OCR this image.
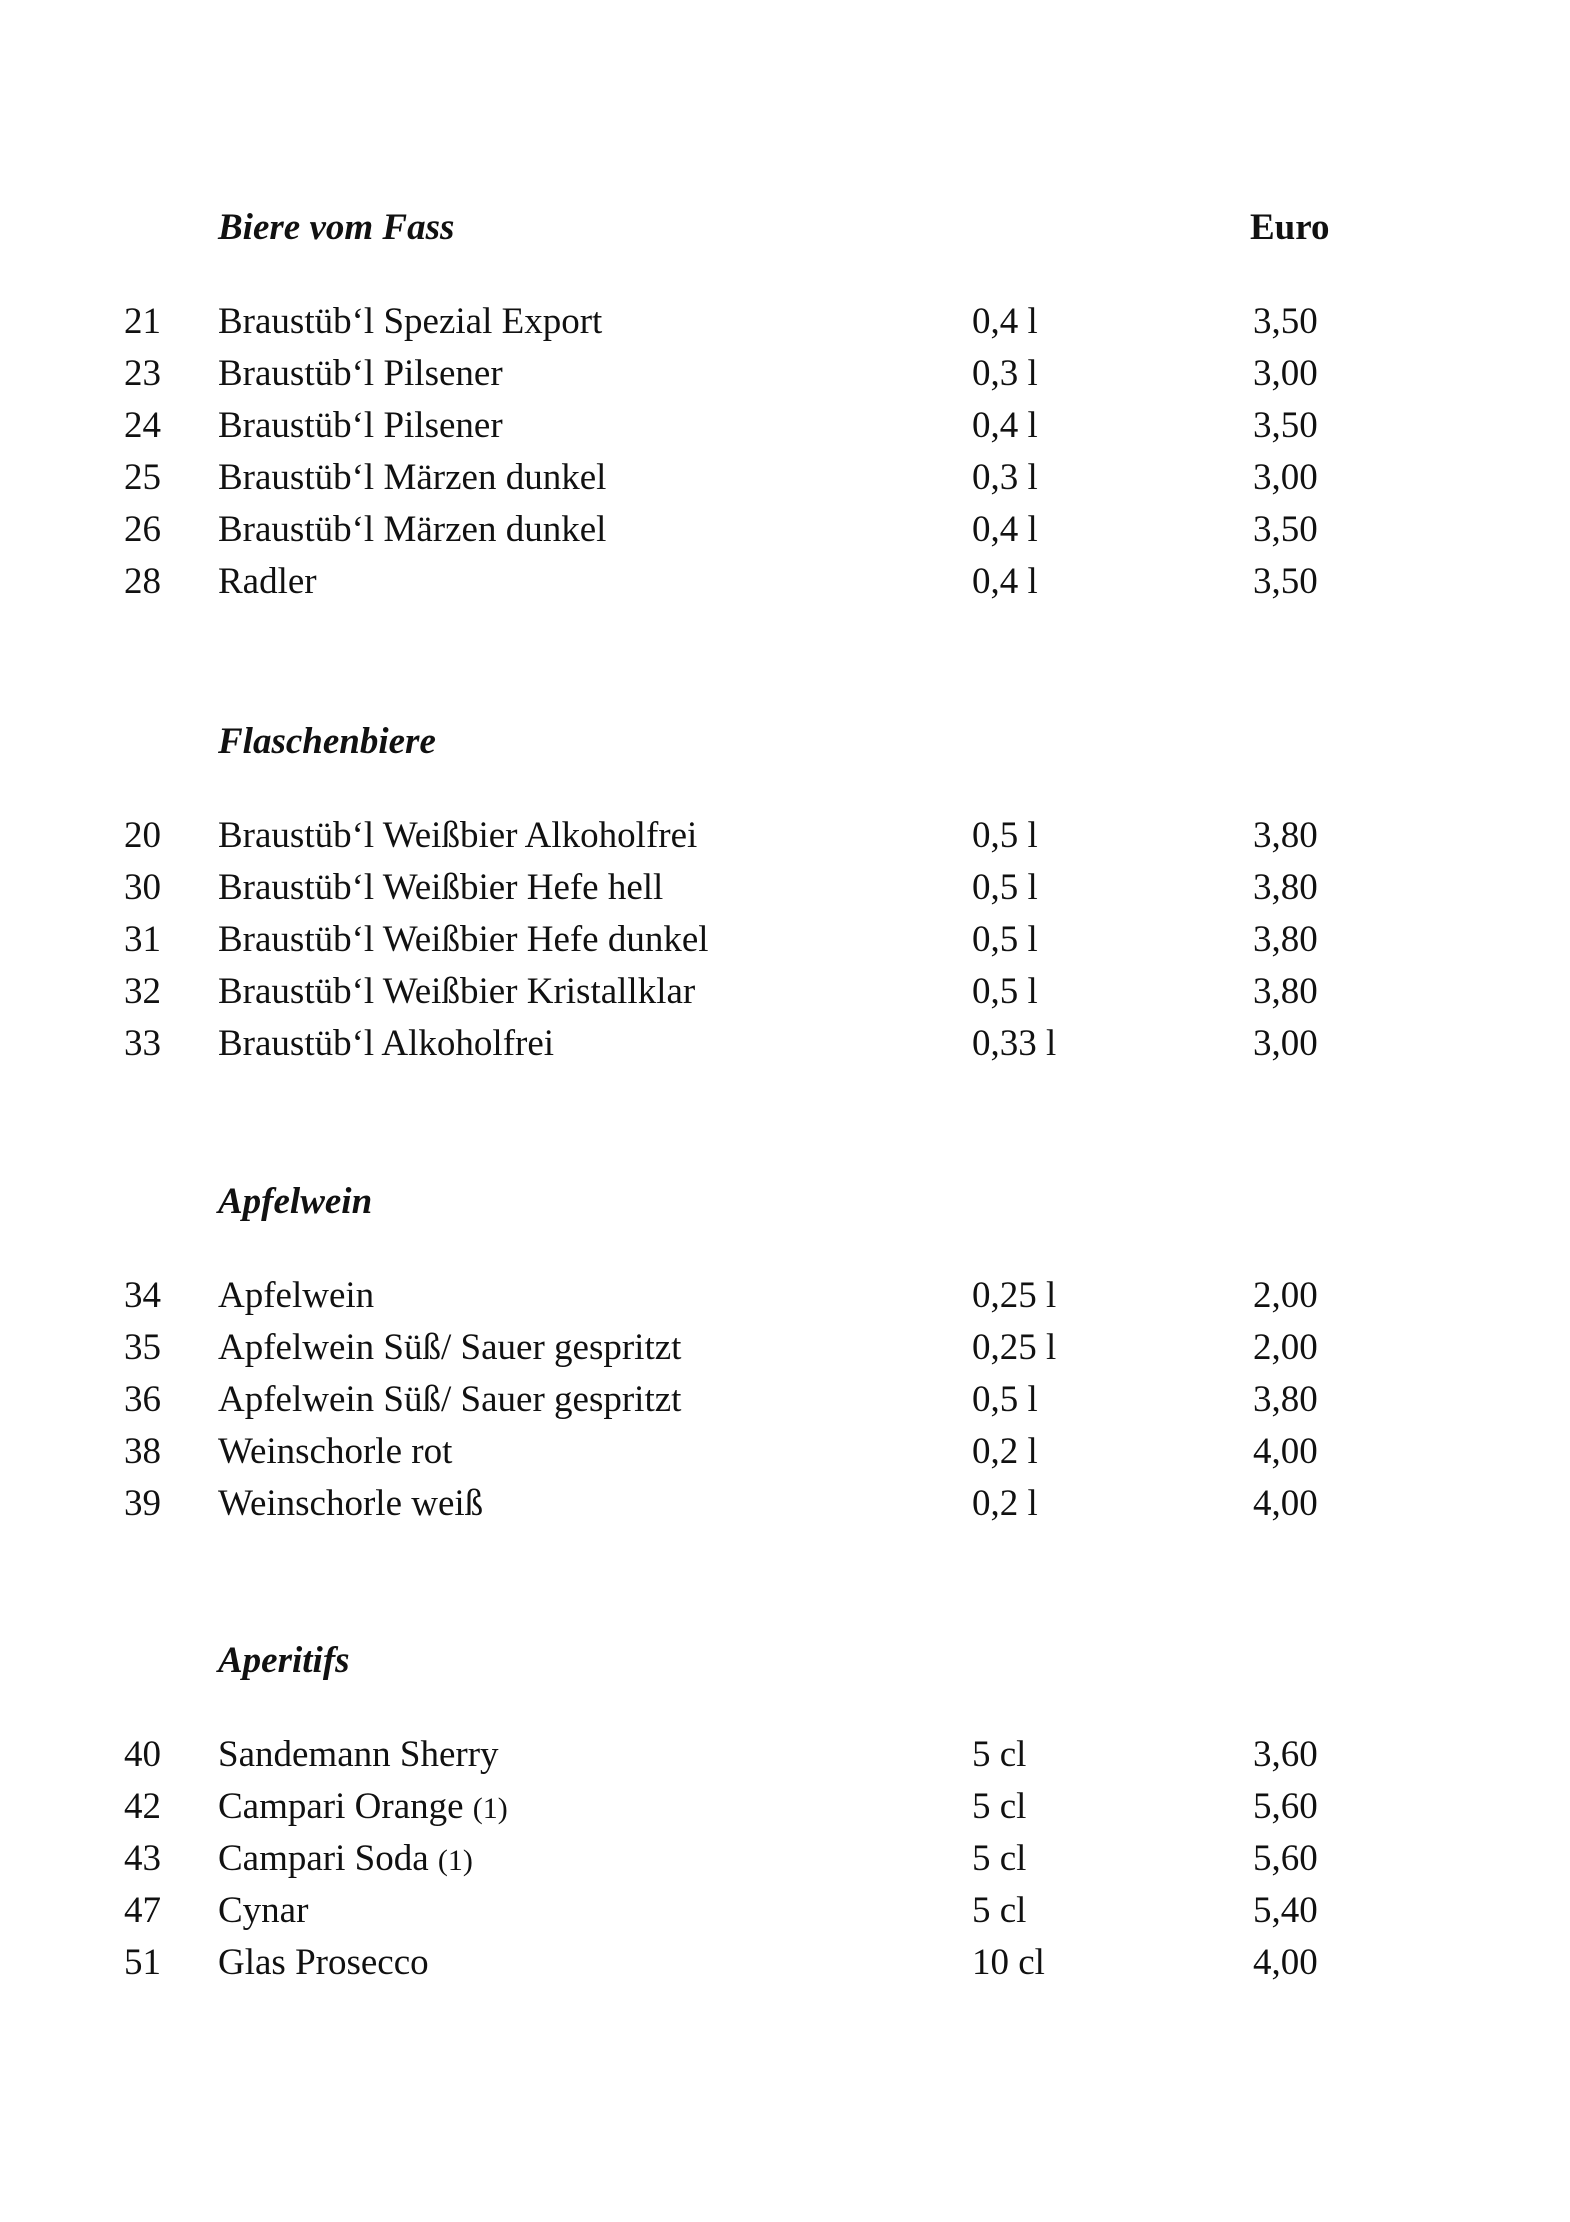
Biere vom Fass	Euro
21 Braustüb‘l Spezial Export	0,4 l	3,50
23 Braustüb‘l Pilsener	0,3 l	3,00
24 Braustüb‘l Pilsener	0,4 l	3,50
25 Braustüb‘l Märzen dunkel	0,3 l	3,00
26 Braustüb‘l Märzen dunkel	0,4 l	3,50
28 Radler	0,4 l	3,50
Flaschenbiere
20 Braustüb‘l Weißbier Alkoholfrei	0,5 l	3,80
30 Braustüb‘l Weißbier Hefe hell	0,5 l	3,80
31 Braustüb‘l Weißbier Hefe dunkel	0,5 l	3,80
32 Braustüb‘l Weißbier Kristallklar	0,5 l	3,80
33 Braustüb‘l Alkoholfrei	0,33 l	3,00
Apfelwein
34 Apfelwein	0,25 l	2,00
35 Apfelwein Süß/ Sauer gespritzt	0,25 l	2,00
36 Apfelwein Süß/ Sauer gespritzt	0,5 l	3,80
38 Weinschorle rot	0,2 l	4,00
39 Weinschorle weiß	0,2 l	4,00
Aperitifs
40 Sandemann Sherry	5 cl	3,60
42 Campari Orange (1)	5 cl	5,60
43 Campari Soda (1)	5 cl	5,60
47 Cynar	5 cl	5,40
51 Glas Prosecco	10 cl	4,00
